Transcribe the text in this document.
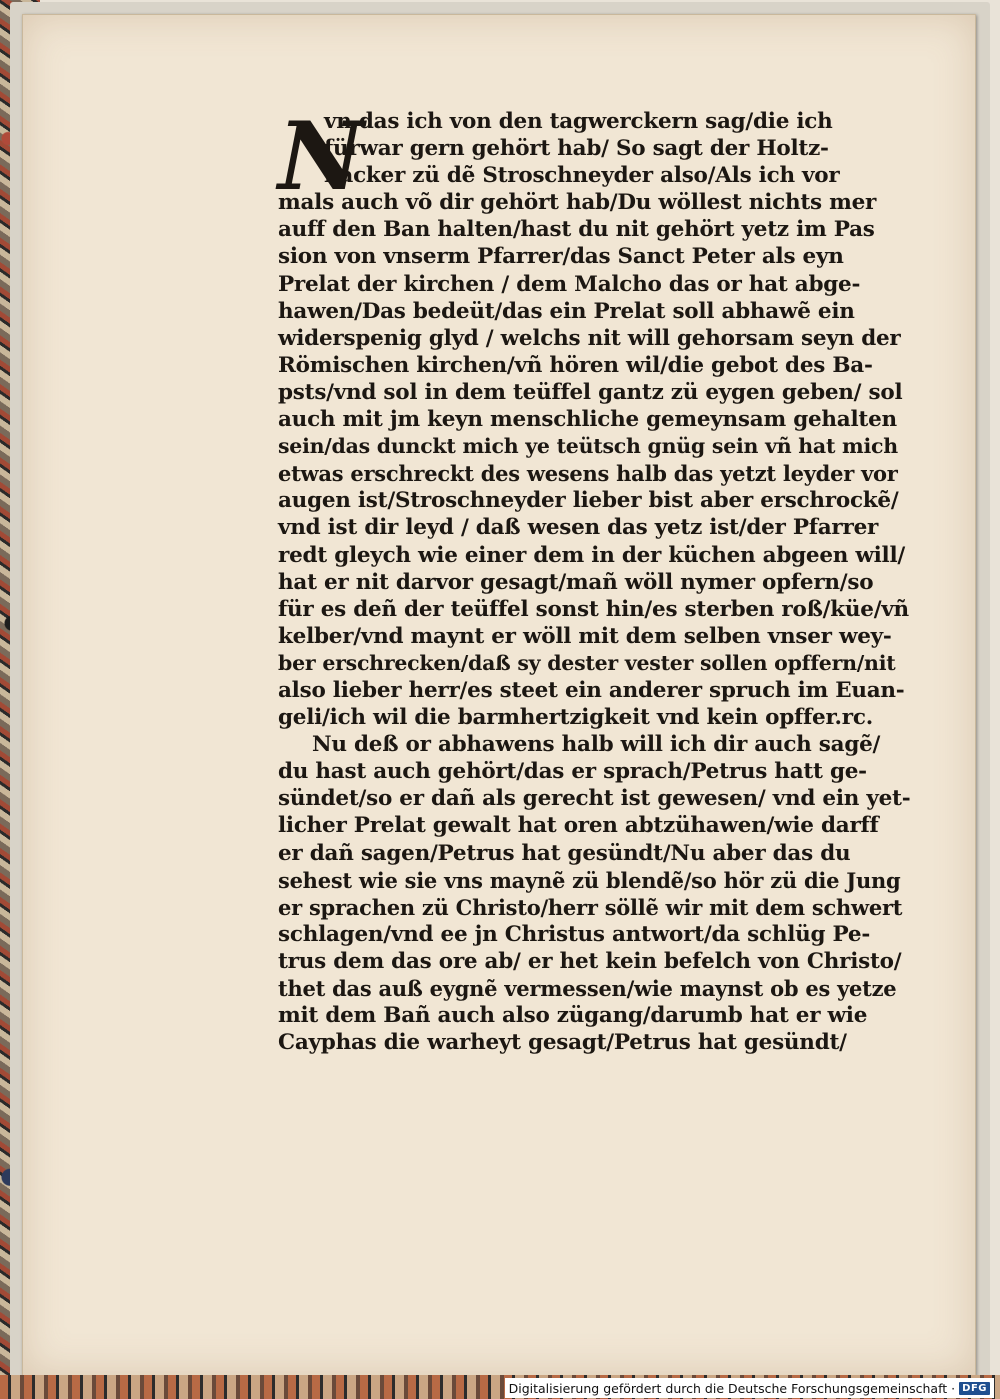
N
vn das ich von den tagwerckern sag/die ich
fürwar gern gehört hab/ So sagt der Holtz-
hacker zü dẽ Stroschneyder also/Als ich vor
mals auch võ dir gehört hab/Du wöllest nichts mer
auff den Ban halten/hast du nit gehört yetz im Pas
sion von vnserm Pfarrer/das Sanct Peter als eyn
Prelat der kirchen / dem Malcho das or hat abge-
hawen/Das bedeüt/das ein Prelat soll abhawẽ ein
widerspenig glyd / welchs nit will gehorsam seyn der
Römischen kirchen/vñ hören wil/die gebot des Ba-
psts/vnd sol in dem teüffel gantz zü eygen geben/ sol
auch mit jm keyn menschliche gemeynsam gehalten
sein/das dunckt mich ye teütsch gnüg sein vñ hat mich
etwas erschreckt des wesens halb das yetzt leyder vor
augen ist/Stroschneyder lieber bist aber erschrockẽ/
vnd ist dir leyd / daß wesen das yetz ist/der Pfarrer
redt gleych wie einer dem in der küchen abgeen will/
hat er nit darvor gesagt/mañ wöll nymer opfern/so
für es deñ der teüffel sonst hin/es sterben roß/küe/vñ
kelber/vnd maynt er wöll mit dem selben vnser wey-
ber erschrecken/daß sy dester vester sollen opffern/nit
also lieber herr/es steet ein anderer spruch im Euan-
geli/ich wil die barmhertzigkeit vnd kein opffer.rc.
Nu deß or abhawens halb will ich dir auch sagẽ/
du hast auch gehört/das er sprach/Petrus hatt ge-
sündet/so er dañ als gerecht ist gewesen/ vnd ein yet-
licher Prelat gewalt hat oren abtzühawen/wie darff
er dañ sagen/Petrus hat gesündt/Nu aber das du
sehest wie sie vns maynẽ zü blendẽ/so hör zü die Jung
er sprachen zü Christo/herr söllẽ wir mit dem schwert
schlagen/vnd ee jn Christus antwort/da schlüg Pe-
trus dem das ore ab/ er het kein befelch von Christo/
thet das auß eygnẽ vermessen/wie maynst ob es yetze
mit dem Bañ auch also zügang/darumb hat er wie
Cayphas die warheyt gesagt/Petrus hat gesündt/
Digitalisierung gefördert durch die Deutsche Forschungsgemeinschaft · DFG
